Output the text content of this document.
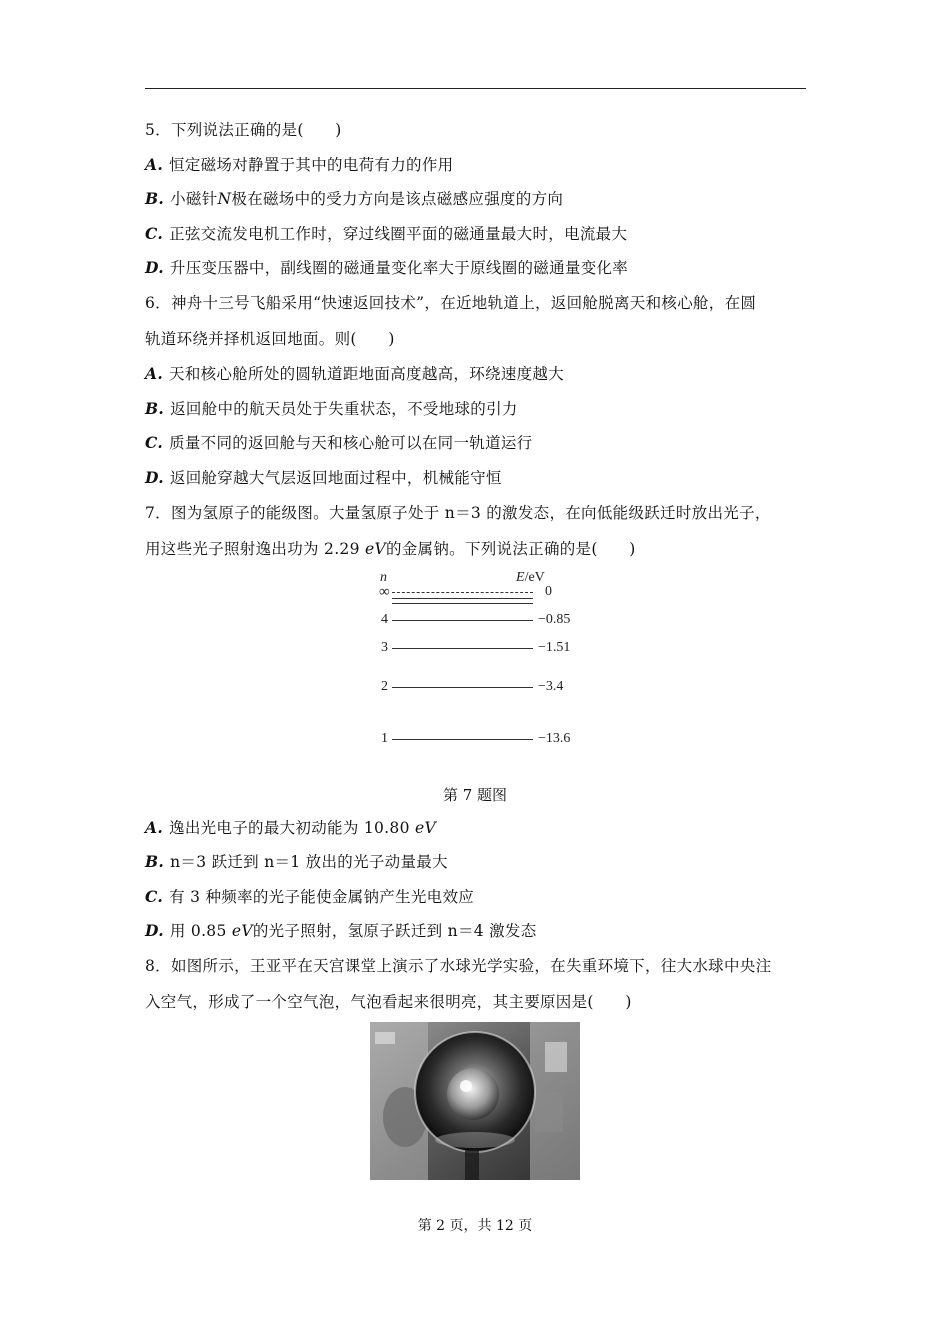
5．下列说法正确的是(　　)
A. 恒定磁场对静置于其中的电荷有力的作用
B. 小磁针N极在磁场中的受力方向是该点磁感应强度的方向
C. 正弦交流发电机工作时，穿过线圈平面的磁通量最大时，电流最大
D. 升压变压器中，副线圈的磁通量变化率大于原线圈的磁通量变化率
6．神舟十三号飞船采用“快速返回技术”，在近地轨道上，返回舱脱离天和核心舱，在圆
轨道环绕并择机返回地面。则(　　)
A. 天和核心舱所处的圆轨道距地面高度越高，环绕速度越大
B. 返回舱中的航天员处于失重状态，不受地球的引力
C. 质量不同的返回舱与天和核心舱可以在同一轨道运行
D. 返回舱穿越大气层返回地面过程中，机械能守恒
7．图为氢原子的能级图。大量氢原子处于 n＝3 的激发态，在向低能级跃迁时放出光子，
用这些光子照射逸出功为 2.29 eV的金属钠。下列说法正确的是(　　)
n	E/eV
∞	0
4	−0.85
3	−1.51
2	−3.4
1	−13.6
第 7 题图
A. 逸出光电子的最大初动能为 10.80 eV
B. n＝3 跃迁到 n＝1 放出的光子动量最大
C. 有 3 种频率的光子能使金属钠产生光电效应
D. 用 0.85 eV的光子照射，氢原子跃迁到 n＝4 激发态
8．如图所示，王亚平在天宫课堂上演示了水球光学实验，在失重环境下，往大水球中央注
入空气，形成了一个空气泡，气泡看起来很明亮，其主要原因是(　　)
第 2 页，共 12 页
